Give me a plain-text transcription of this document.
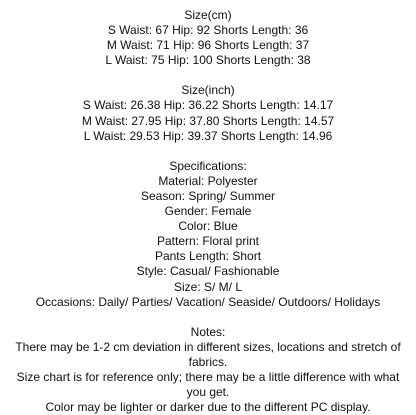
Size(cm)
S Waist: 67 Hip: 92 Shorts Length: 36
M Waist: 71 Hip: 96 Shorts Length: 37
L Waist: 75 Hip: 100 Shorts Length: 38
Size(inch)
S Waist: 26.38 Hip: 36.22 Shorts Length: 14.17
M Waist: 27.95 Hip: 37.80 Shorts Length: 14.57
L Waist: 29.53 Hip: 39.37 Shorts Length: 14.96
Specifications:
Material: Polyester
Season: Spring/ Summer
Gender: Female
Color: Blue
Pattern: Floral print
Pants Length: Short
Style: Casual/ Fashionable
Size: S/ M/ L
Occasions: Daily/ Parties/ Vacation/ Seaside/ Outdoors/ Holidays
Notes:
There may be 1-2 cm deviation in different sizes, locations and stretch of fabrics.
Size chart is for reference only; there may be a little difference with what you get.
Color may be lighter or darker due to the different PC display.
